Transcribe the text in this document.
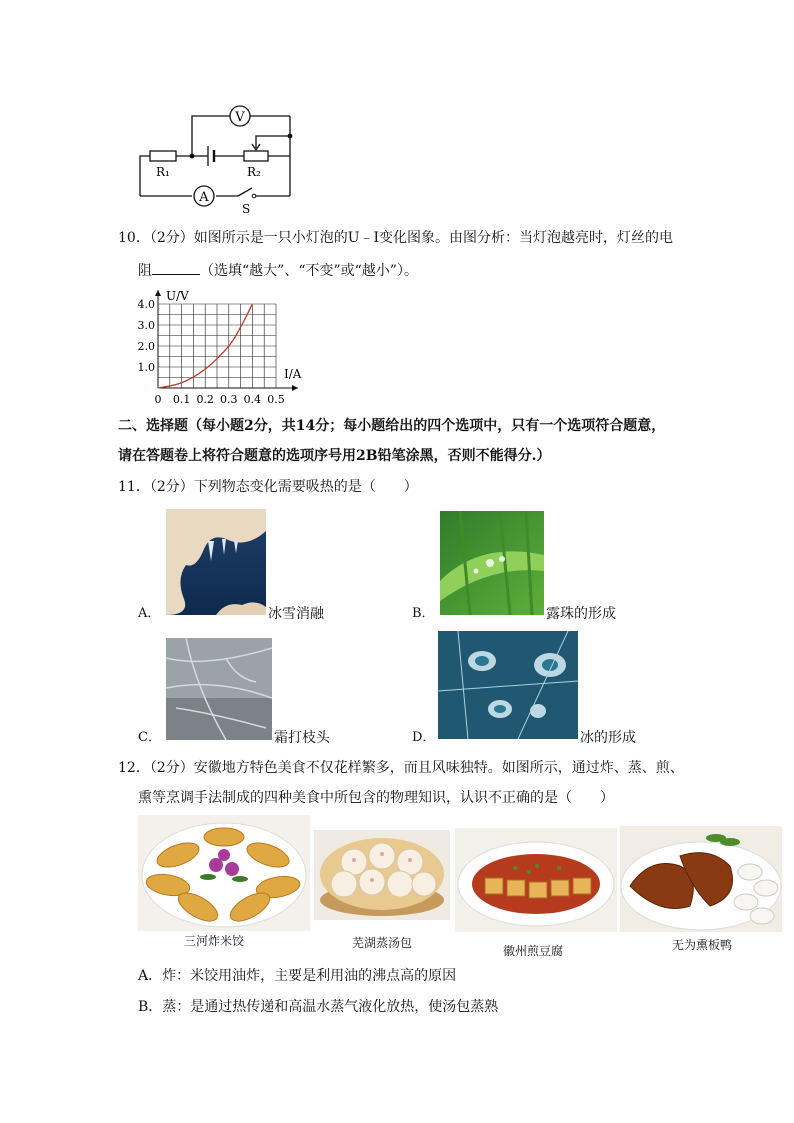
V
A
R₁	R₂
S
10．（2分）如图所示是一只小灯泡的U﹣I变化图象。由图分析：当灯泡越亮时，灯丝的电
阻	（选填“越大”、“不变”或“越小”）。
0 0.1 0.2 0.3 0.4 0.5
1.0
2.0
3.0
4.0
U/V
I/A
二、选择题（每小题2分，共14分；每小题给出的四个选项中，只有一个选项符合题意，
请在答题卷上将符合题意的选项序号用2B铅笔涂黑，否则不能得分.）
11．（2分）下列物态变化需要吸热的是（　　）
A．	冰雪消融	B．	露珠的形成
C．	霜打枝头	D．	冰的形成
12．（2分）安徽地方特色美食不仅花样繁多，而且风味独特。如图所示，通过炸、蒸、煎、
熏等烹调手法制成的四种美食中所包含的物理知识，认识不正确的是（　　）
三河炸米饺	芜湖蒸汤包
徽州煎豆腐	无为熏板鸭
A．炸：米饺用油炸，主要是利用油的沸点高的原因
B．蒸：是通过热传递和高温水蒸气液化放热，使汤包蒸熟
